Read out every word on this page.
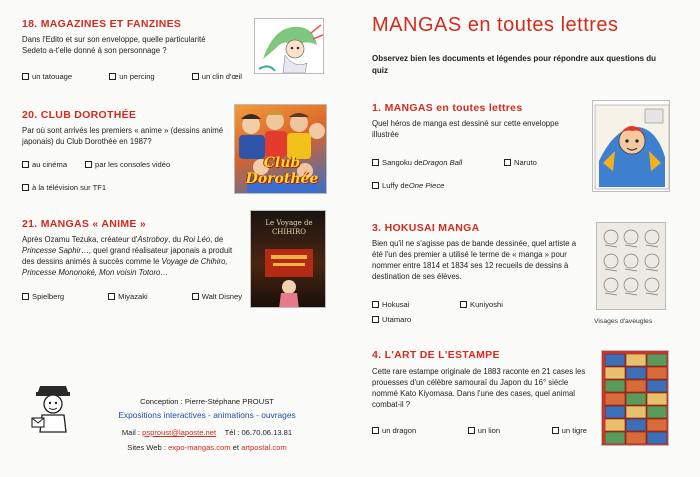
18. MAGAZINES ET FANZINES
Dans l'Edito et sur son enveloppe, quelle particularité Sedeto a-t'elle donné à son personnage ?
un tatouage	un percing	un clin d'œil
20. CLUB DOROTHÉE
Par où sont arrivés les premiers « anime » (dessins animé japonais) du Club Dorothée en 1987?
au cinéma	par les consoles vidéo
à la télévision sur TF1
Club Dorothée
21. MANGAS « ANIME »
Après Ozamu Tezuka, créateur d'Astroboy, du Roi Léo, de Princesse Saphir…, quel grand réalisateur japonais a produit des dessins animés à succès comme le Voyage de Chihiro, Princesse Mononoké, Mon voisin Totoro…
Spielberg	Miyazaki	Walt Disney
Le Voyage de CHIHIRO
Conception : Pierre-Stéphane PROUST
Expositions interactives - animations - ouvrages
Mail : psproust@laposte.net Tél : 06.70.06.13.81
Sites Web : expo-mangas.com et artpostal.com
MANGAS en toutes lettres
Observez bien les documents et légendes pour répondre aux questions du quiz
1. MANGAS en toutes lettres
Quel héros de manga est dessiné sur cette enveloppe illustrée
Sangoku de Dragon Ball	Naruto
Luffy de One Piece
3. HOKUSAI MANGA
Bien qu'il ne s'agisse pas de bande dessinée, quel artiste a été l'un des premier a utilisé le terme de « manga » pour nommer entre 1814 et 1834 ses 12 recueils de dessins à destination de ses élèves.
Hokusai	Kuniyoshi
Utamaro	Visages d'aveugles
4. L'ART DE L'ESTAMPE
Cette rare estampe originale de 1883 raconte en 21 cases les prouesses d'un célèbre samouraï du Japon du 16° siècle nommé Kato Kiyomasa. Dans l'une des cases, quel animal combat-il ?
un dragon	un lion	un tigre
